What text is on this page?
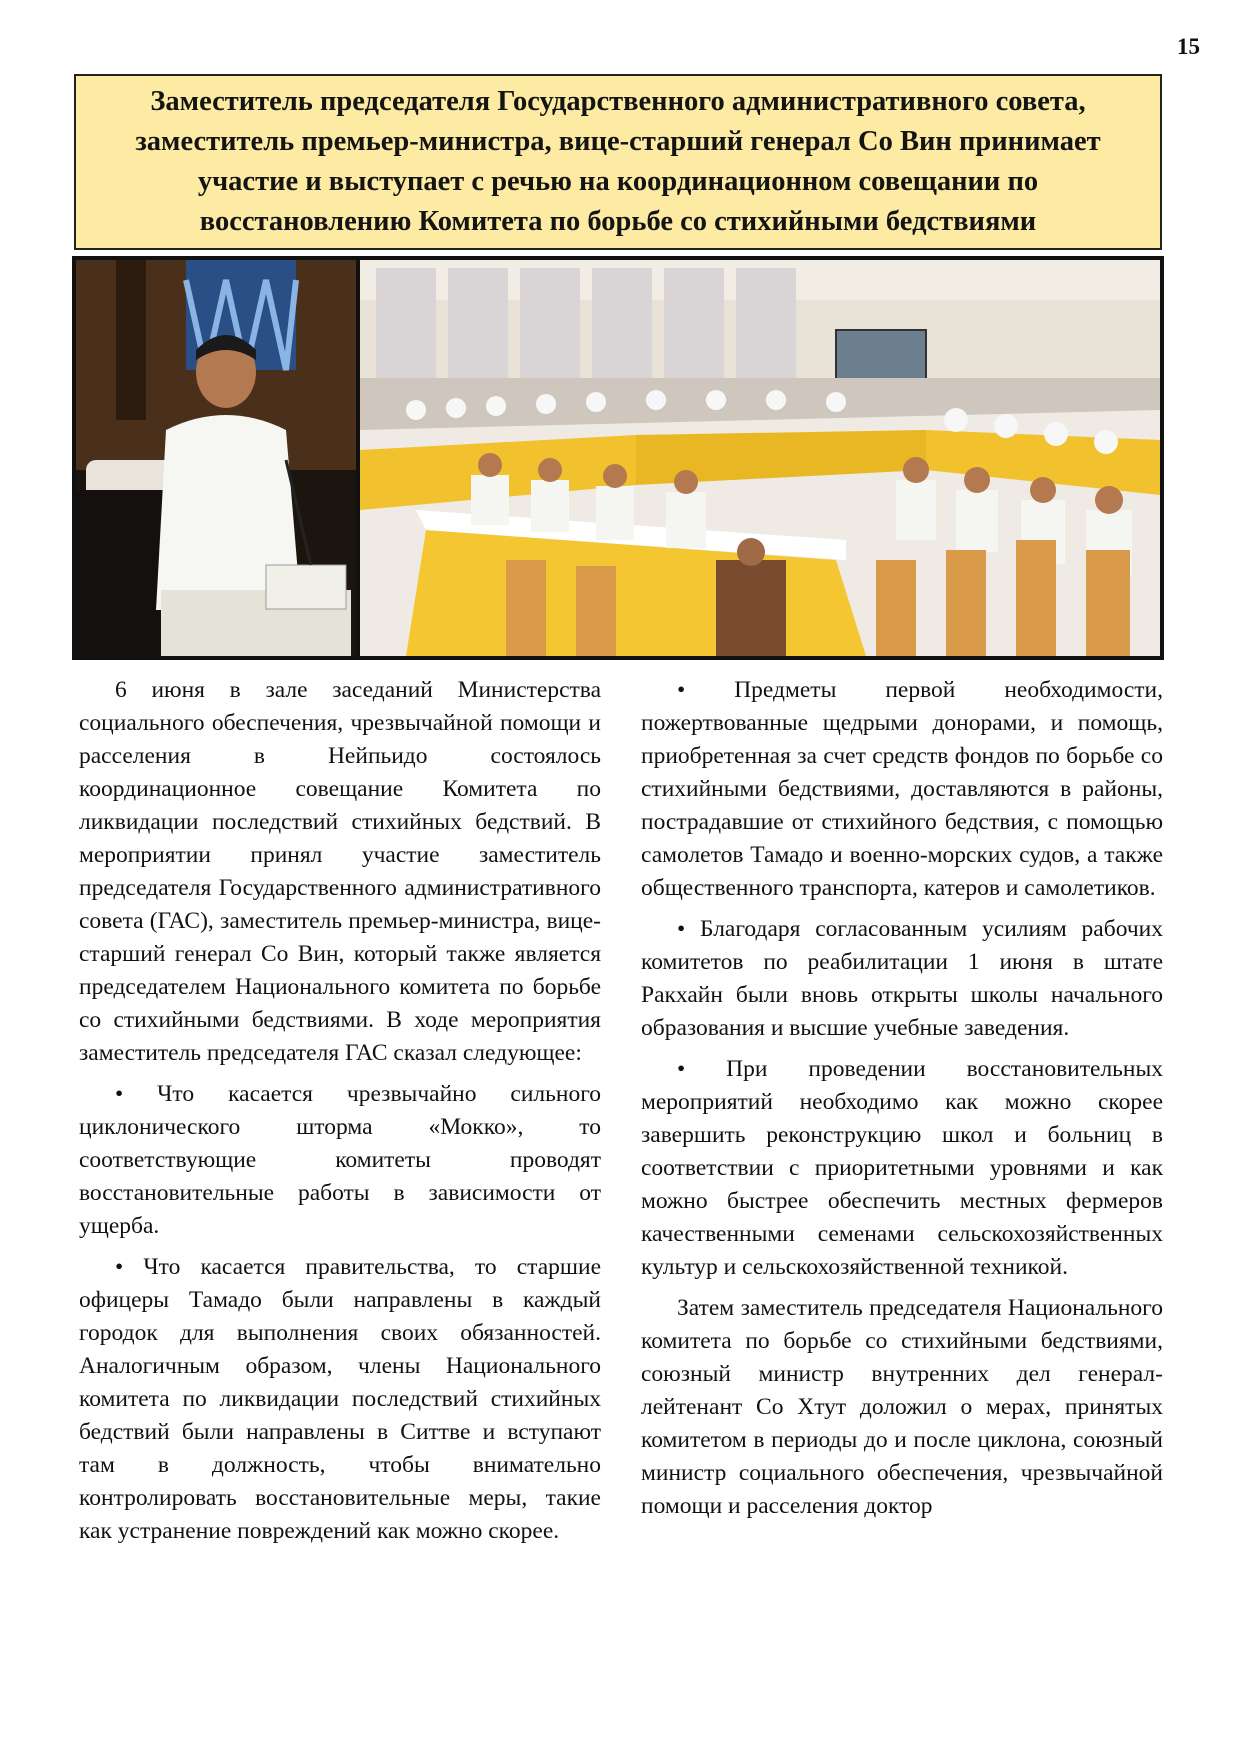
15
Заместитель председателя Государственного административного совета, заместитель премьер-министра, вице-старший генерал Со Вин принимает участие и выступает с речью на координационном совещании по восстановлению Комитета по борьбе со стихийными бедствиями

6 июня в зале заседаний Министерства социального обеспечения, чрезвычайной помощи и расселения в Нейпьидо состоялось координационное совещание Комитета по ликвидации последствий стихийных бедствий. В мероприятии принял участие заместитель председателя Государственного административного совета (ГАС), заместитель премьер-министра, вице-старший генерал Со Вин, который также является председателем Национального комитета по борьбе со стихийными бедствиями. В ходе мероприятия заместитель председателя ГАС сказал следующее:

• Что касается чрезвычайно сильного циклонического шторма «Мокко», то соответствующие комитеты проводят восстановительные работы в зависимости от ущерба.

• Что касается правительства, то старшие офицеры Тамадо были направлены в каждый городок для выполнения своих обязанностей. Аналогичным образом, члены Национального комитета по ликвидации последствий стихийных бедствий были направлены в Ситтве и вступают там в должность, чтобы внимательно контролировать восстановительные меры, такие как устранение повреждений как можно скорее.

• Предметы первой необходимости, пожертвованные щедрыми донорами, и помощь, приобретенная за счет средств фондов по борьбе со стихийными бедствиями, доставляются в районы, пострадавшие от стихийного бедствия, с помощью самолетов Тамадо и военно-морских судов, а также общественного транспорта, катеров и самолетиков.

• Благодаря согласованным усилиям рабочих комитетов по реабилитации 1 июня в штате Ракхайн были вновь открыты школы начального образования и высшие учебные заведения.

• При проведении восстановительных мероприятий необходимо как можно скорее завершить реконструкцию школ и больниц в соответствии с приоритетными уровнями и как можно быстрее обеспечить местных фермеров качественными семенами сельскохозяйственных культур и сельскохозяйственной техникой.

Затем заместитель председателя Национального комитета по борьбе со стихийными бедствиями, союзный министр внутренних дел генерал-лейтенант Со Хтут доложил о мерах, принятых комитетом в периоды до и после циклона, союзный министр социального обеспечения, чрезвычайной помощи и расселения доктор
